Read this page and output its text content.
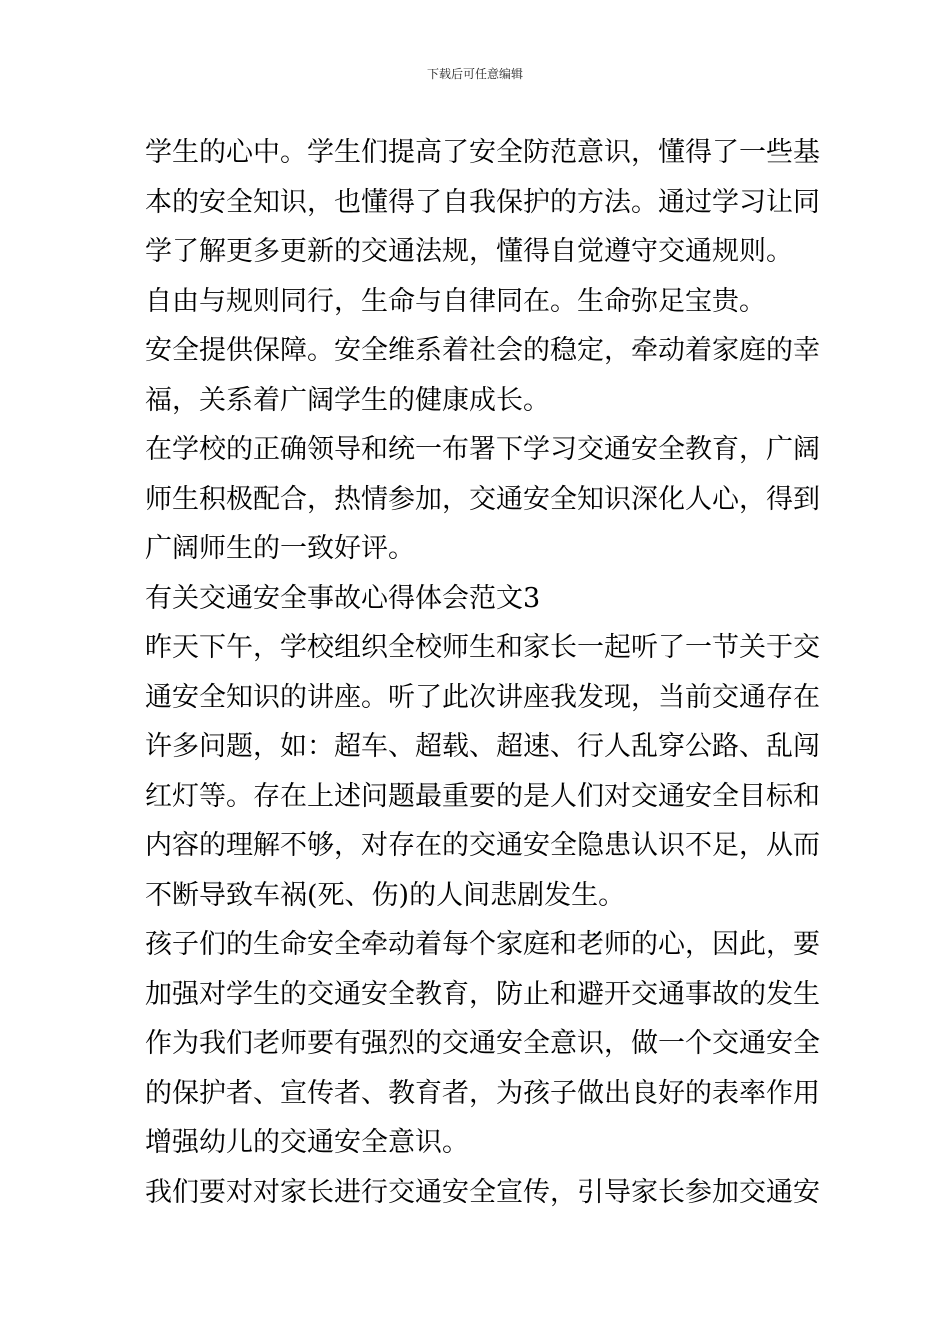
下载后可任意编辑

学生的心中。学生们提高了安全防范意识，懂得了一些基
本的安全知识，也懂得了自我保护的方法。通过学习让同
学了解更多更新的交通法规，懂得自觉遵守交通规则。

自由与规则同行，生命与自律同在。生命弥足宝贵。

安全提供保障。安全维系着社会的稳定，牵动着家庭的幸
福，关系着广阔学生的健康成长。

在学校的正确领导和统一布署下学习交通安全教育，广阔
师生积极配合，热情参加，交通安全知识深化人心，得到
广阔师生的一致好评。

有关交通安全事故心得体会范文3

昨天下午，学校组织全校师生和家长一起听了一节关于交
通安全知识的讲座。听了此次讲座我发现，当前交通存在
许多问题，如：超车、超载、超速、行人乱穿公路、乱闯
红灯等。存在上述问题最重要的是人们对交通安全目标和
内容的理解不够，对存在的交通安全隐患认识不足，从而
不断导致车祸(死、伤)的人间悲剧发生。

孩子们的生命安全牵动着每个家庭和老师的心，因此，要
加强对学生的交通安全教育，防止和避开交通事故的发生
作为我们老师要有强烈的交通安全意识，做一个交通安全
的保护者、宣传者、教育者，为孩子做出良好的表率作用
增强幼儿的交通安全意识。

我们要对对家长进行交通安全宣传，引导家长参加交通安
